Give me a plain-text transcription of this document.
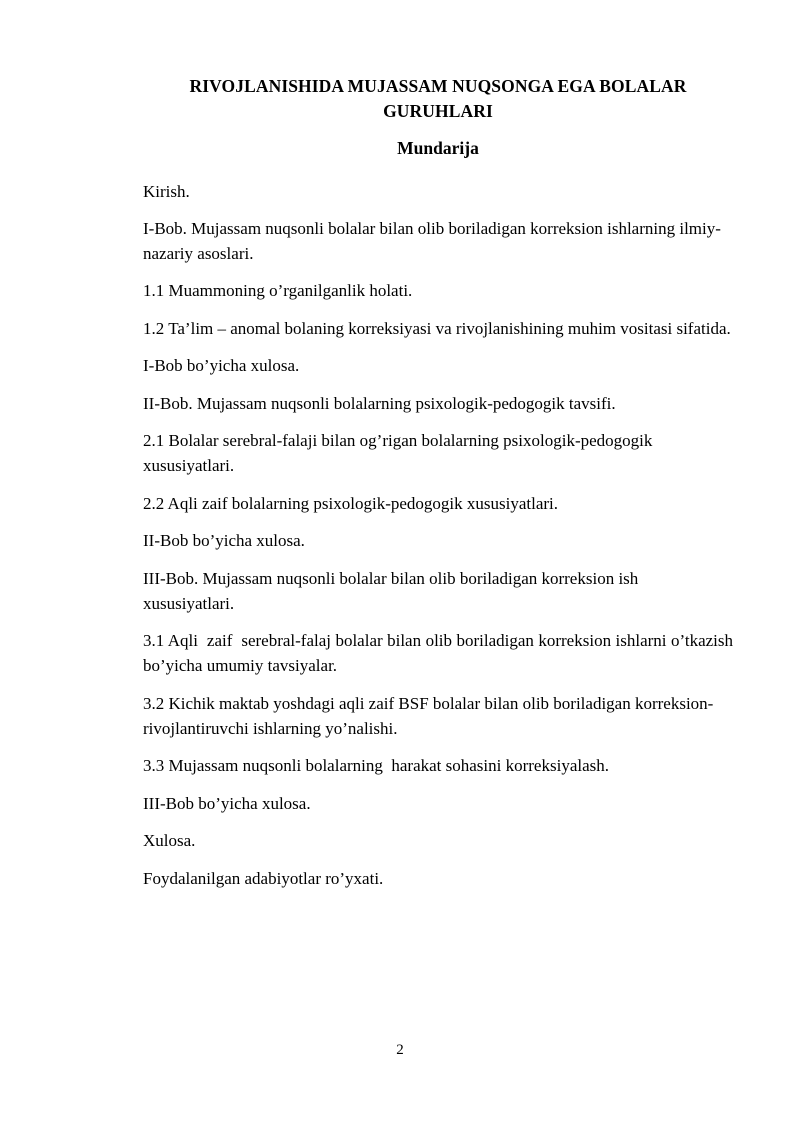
RIVOJLANISHIDA MUJASSAM NUQSONGA EGA BOLALAR
GURUHLARI
Mundarija

Kirish.

I-Bob. Mujassam nuqsonli bolalar bilan olib boriladigan korreksion ishlarning ilmiy-nazariy asoslari.

1.1 Muammoning o’rganilganlik holati.

1.2 Ta’lim – anomal bolaning korreksiyasi va rivojlanishining muhim vositasi sifatida.

I-Bob bo’yicha xulosa.

II-Bob. Mujassam nuqsonli bolalarning psixologik-pedogogik tavsifi.

2.1 Bolalar serebral-falaji bilan og’rigan bolalarning psixologik-pedogogik xususiyatlari.

2.2 Aqli zaif bolalarning psixologik-pedogogik xususiyatlari.

II-Bob bo’yicha xulosa.

III-Bob. Mujassam nuqsonli bolalar bilan olib boriladigan korreksion ish xususiyatlari.

3.1 Aqli  zaif  serebral-falaj bolalar bilan olib boriladigan korreksion ishlarni o’tkazish bo’yicha umumiy tavsiyalar.

3.2 Kichik maktab yoshdagi aqli zaif BSF bolalar bilan olib boriladigan korreksion-rivojlantiruvchi ishlarning yo’nalishi.

3.3 Mujassam nuqsonli bolalarning  harakat sohasini korreksiyalash.

III-Bob bo’yicha xulosa.

Xulosa.

Foydalanilgan adabiyotlar ro’yxati.

2
